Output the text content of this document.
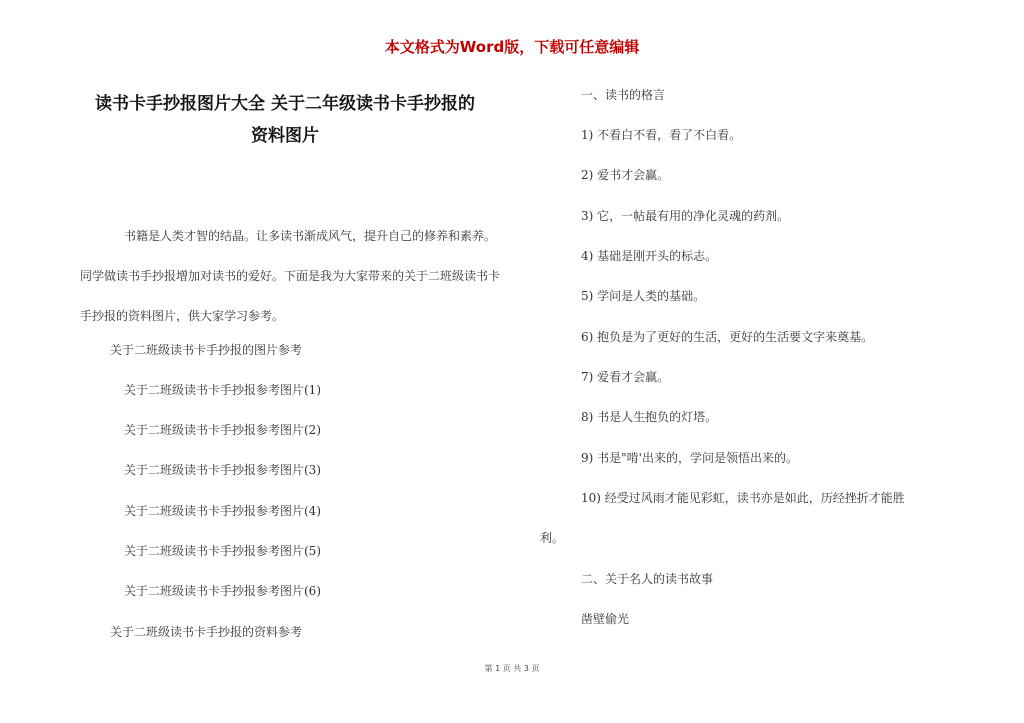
本文格式为Word版，下载可任意编辑

读书卡手抄报图片大全 关于二年级读书卡手抄报的

资料图片

书籍是人类才智的结晶。让多读书渐成风气，提升自己的修养和素养。同学做读书手抄报增加对读书的爱好。下面是我为大家带来的关于二班级读书卡手抄报的资料图片，供大家学习参考。
关于二班级读书卡手抄报的图片参考
关于二班级读书卡手抄报参考图片(1)
关于二班级读书卡手抄报参考图片(2)
关于二班级读书卡手抄报参考图片(3)
关于二班级读书卡手抄报参考图片(4)
关于二班级读书卡手抄报参考图片(5)
关于二班级读书卡手抄报参考图片(6)
关于二班级读书卡手抄报的资料参考
一、读书的格言
1) 不看白不看，看了不白看。
2) 爱书才会赢。
3) 它，一帖最有用的净化灵魂的药剂。
4) 基础是刚开头的标志。
5) 学问是人类的基础。
6) 抱负是为了更好的生活，更好的生活要文字来奠基。
7) 爱看才会赢。
8) 书是人生抱负的灯塔。
9) 书是"啃'出来的，学问是领悟出来的。
10) 经受过风雨才能见彩虹，读书亦是如此，历经挫折才能胜
利。
二、关于名人的读书故事
凿壁偷光
第 1 页 共 3 页
